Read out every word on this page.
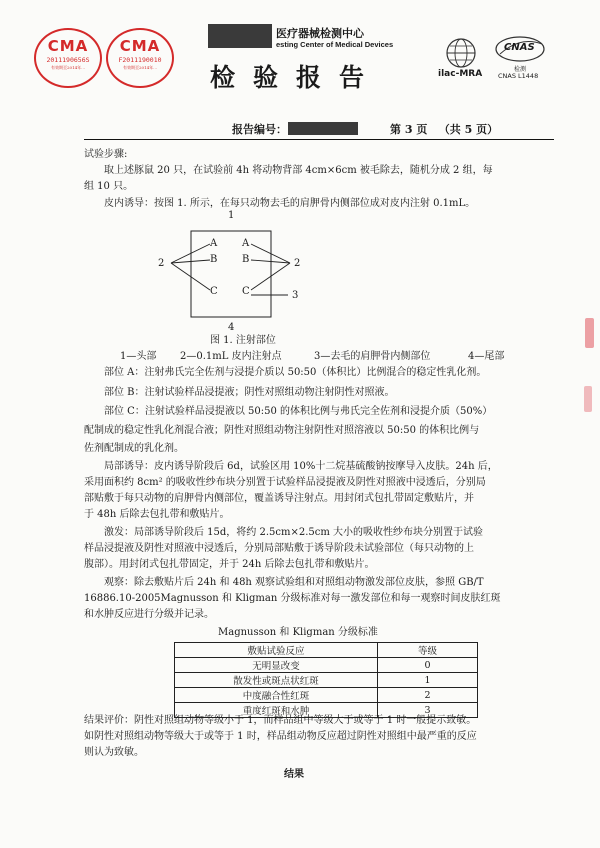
CMA
2011190656S
有效期至2014年...
CMA
F2011190010
有效期至2014年...
医疗器械检测中心
esting Center of Medical Devices
检验报告	ilac-MRA
CNAS
检测
CNAS L1448
报告编号：	第 3 页   （共 5 页）
试验步骤:
取上述豚鼠 20 只，在试验前 4h 将动物背部 4cm×6cm 被毛除去，随机分成 2 组，每
组 10 只。
皮内诱导：按图 1. 所示，在每只动物去毛的肩胛骨内侧部位成对皮内注射 0.1mL。
1
2	2
A
B
C
A
B
C	3
4
图 1. 注射部位
1—头部 2—0.1mL 皮内注射点	3—去毛的肩胛骨内侧部位	4—尾部
部位 A：注射弗氏完全佐剂与浸提介质以 50:50（体积比）比例混合的稳定性乳化剂。
部位 B：注射试验样品浸提液；阴性对照组动物注射阴性对照液。
部位 C：注射试验样品浸提液以 50:50 的体积比例与弗氏完全佐剂和浸提介质（50%）
配制成的稳定性乳化剂混合液；阴性对照组动物注射阴性对照溶液以 50:50 的体积比例与
佐剂配制成的乳化剂。
局部诱导：皮内诱导阶段后 6d，试验区用 10%十二烷基硫酸钠按摩导入皮肤。24h 后，
采用面积约 8cm² 的吸收性纱布块分别置于试验样品浸提液及阴性对照液中浸透后，分别局
部贴敷于每只动物的肩胛骨内侧部位，覆盖诱导注射点。用封闭式包扎带固定敷贴片，并
于 48h 后除去包扎带和敷贴片。
激发：局部诱导阶段后 15d，将约 2.5cm×2.5cm 大小的吸收性纱布块分别置于试验
样品浸提液及阴性对照液中浸透后，分别局部贴敷于诱导阶段未试验部位（每只动物的上
腹部）。用封闭式包扎带固定，并于 24h 后除去包扎带和敷贴片。
观察：除去敷贴片后 24h 和 48h 观察试验组和对照组动物激发部位皮肤，参照 GB/T
16886.10-2005Magnusson 和 Kligman 分级标准对每一激发部位和每一观察时间皮肤红斑
和水肿反应进行分级并记录。
Magnusson 和 Kligman 分级标准
敷贴试验反应	等级
无明显改变	0
散发性或斑点状红斑	1
中度融合性红斑	2
重度红斑和水肿	3
结果评价：阴性对照组动物等级小于 1，而样品组中等级大于或等于 1 时一般提示致敏。
如阴性对照组动物等级大于或等于 1 时，样品组动物反应超过阴性对照组中最严重的反应
则认为致敏。
结果
